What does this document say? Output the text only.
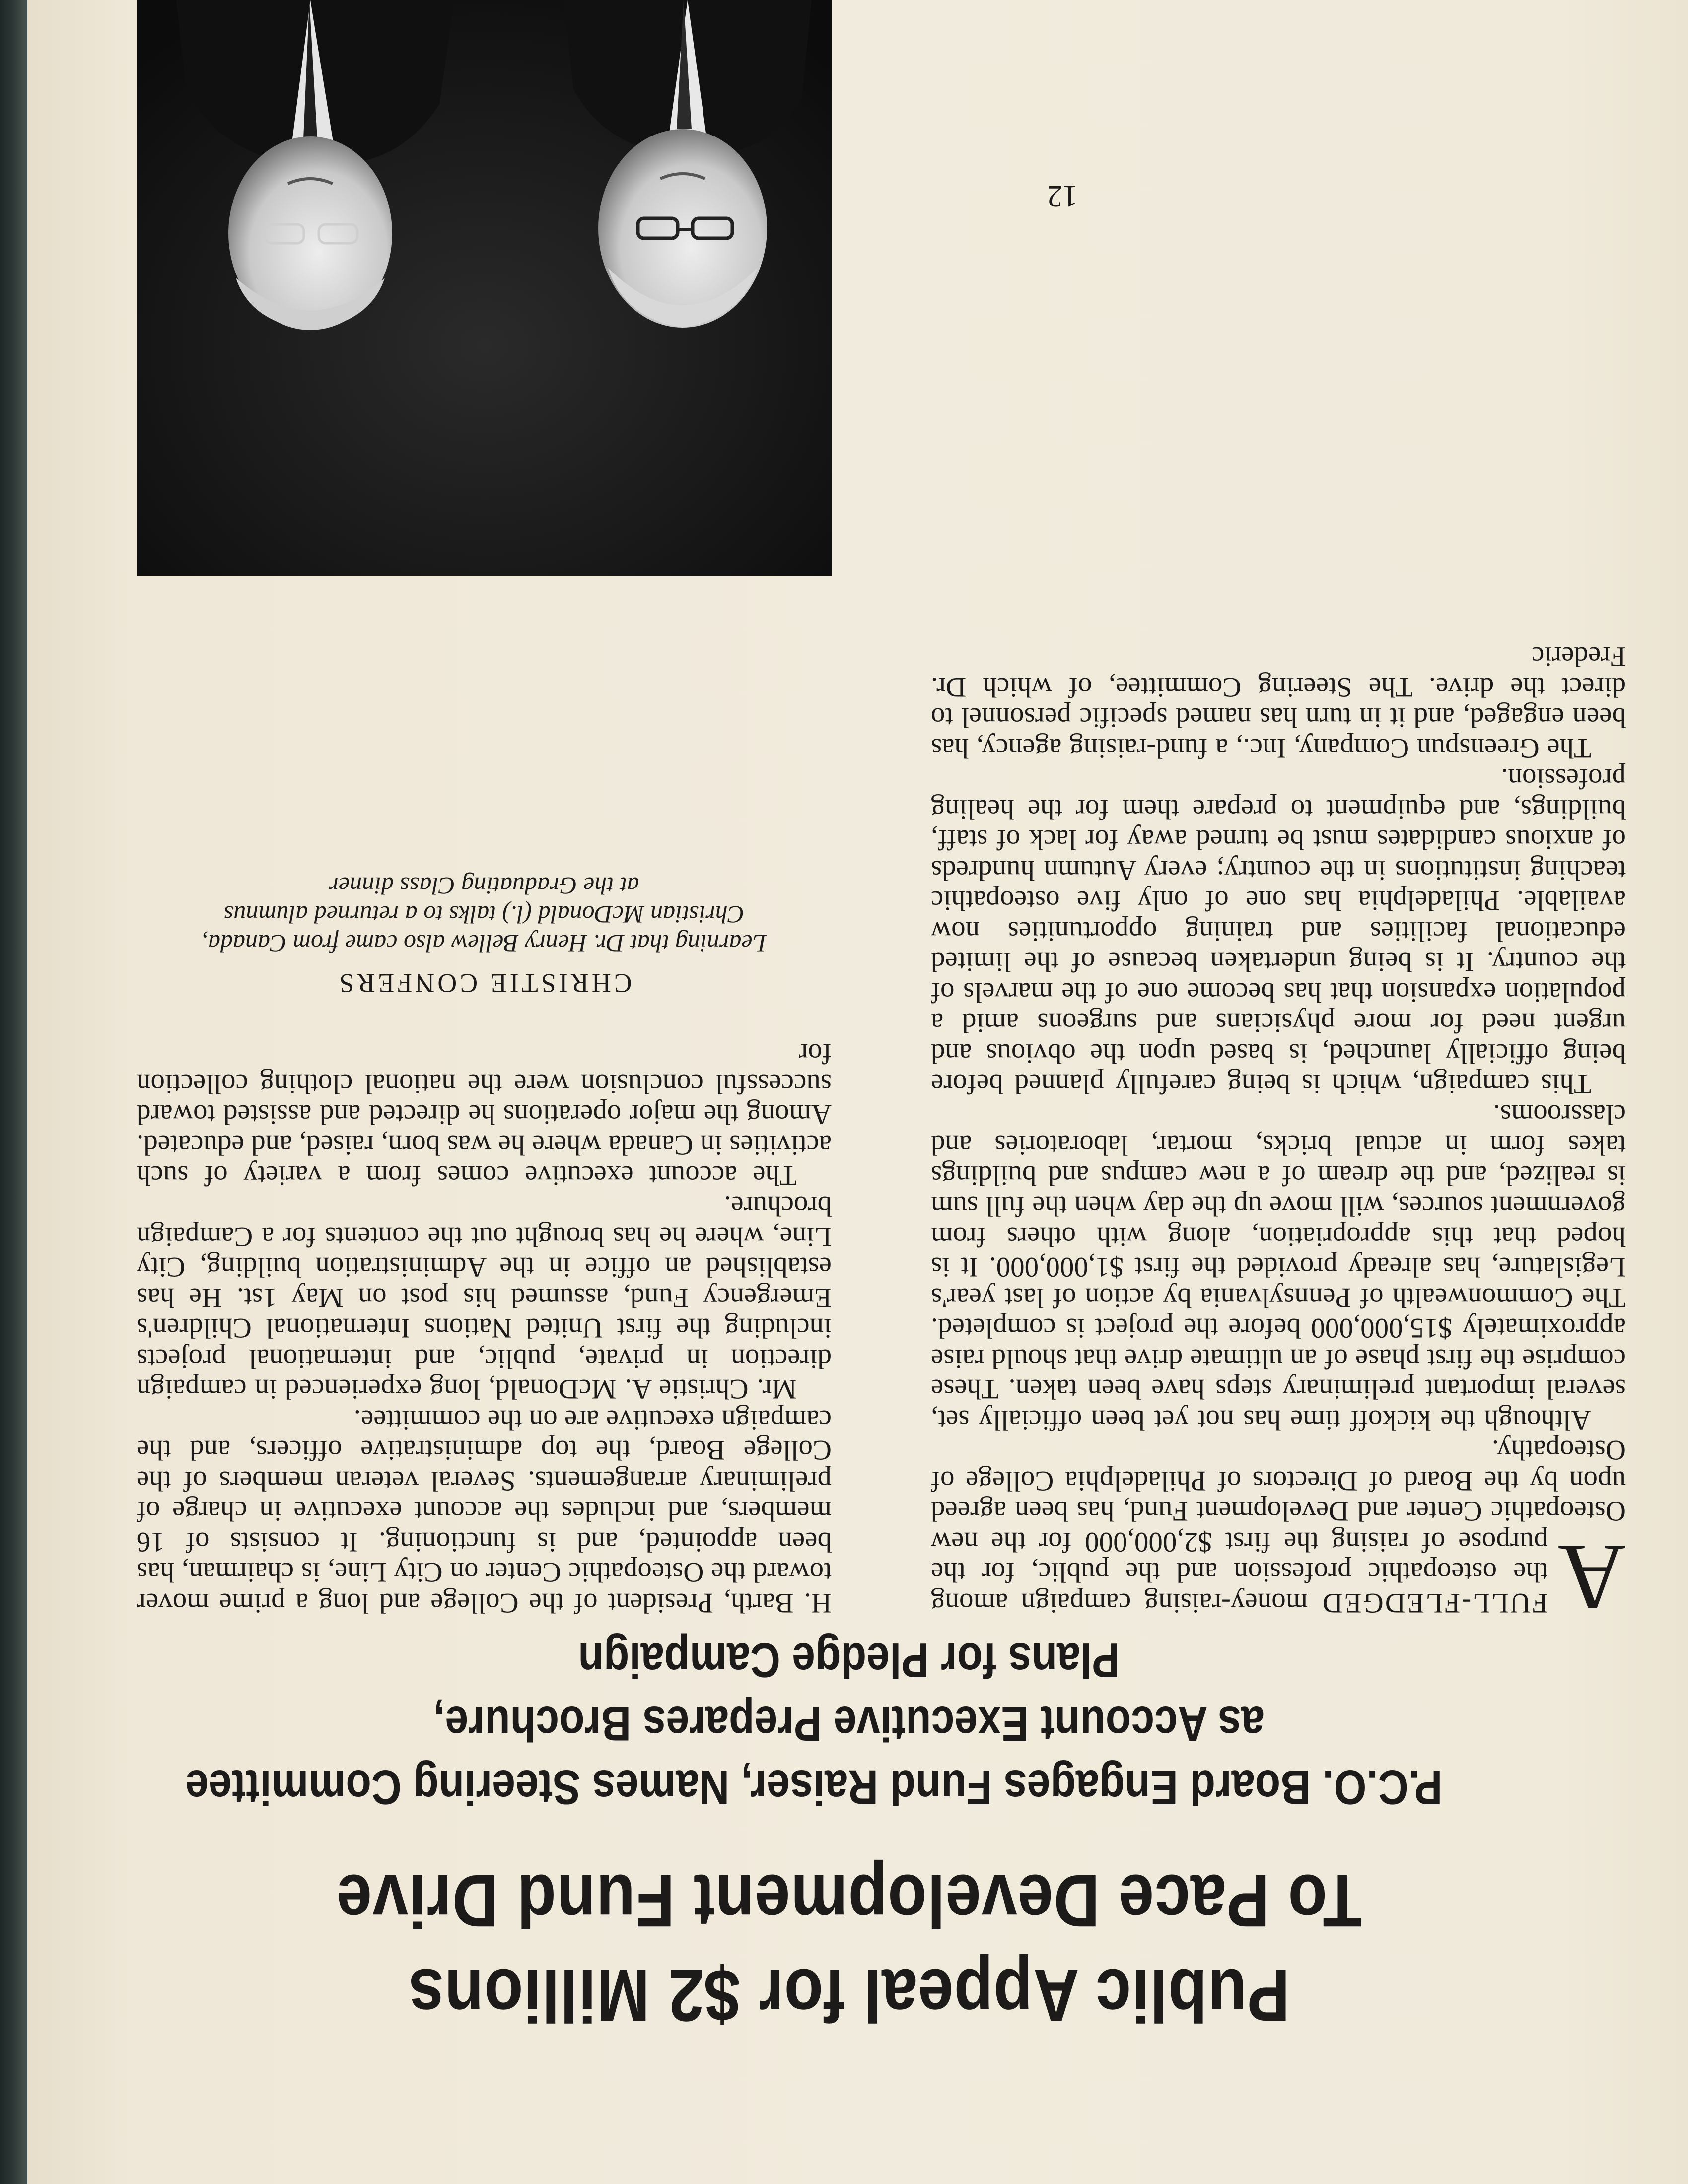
Public Appeal for $2 Millions
To Pace Development Fund Drive
P.C.O. Board Engages Fund Raiser, Names Steering Committee
as Account Executive Prepares Brochure,
Plans for Pledge Campaign

A
FULL-FLEDGED money-raising campaign among the osteopathic profession and the public, for the purpose of raising the first $2,000,000 for the new Osteopathic Center and Development Fund, has been agreed upon by the Board of Directors of Philadelphia College of Osteopathy.

Although the kickoff time has not yet been officially set, several important preliminary steps have been taken. These comprise the first phase of an ultimate drive that should raise approximately $15,000,000 before the project is completed. The Commonwealth of Pennsylvania by action of last year's Legislature, has already provided the first $1,000,000. It is hoped that this appropriation, along with others from government sources, will move up the day when the full sum is realized, and the dream of a new campus and buildings takes form in actual bricks, mortar, laboratories and classrooms.

This campaign, which is being carefully planned before being officially launched, is based upon the obvious and urgent need for more physicians and surgeons amid a population expansion that has become one of the marvels of the country. It is being undertaken because of the limited educational facilities and training opportunities now available. Philadelphia has one of only five osteopathic teaching institutions in the country; every Autumn hundreds of anxious candidates must be turned away for lack of staff, buildings, and equipment to prepare them for the healing profession.

The Greenspun Company, Inc., a fund-raising agency, has been engaged, and it in turn has named specific personnel to direct the drive. The Steering Committee, of which Dr. Frederic

H. Barth, President of the College and long a prime mover toward the Osteopathic Center on City Line, is chairman, has been appointed, and is functioning. It consists of 16 members, and includes the account executive in charge of preliminary arrangements. Several veteran members of the College Board, the top administrative officers, and the campaign executive are on the committee.

Mr. Christie A. McDonald, long experienced in campaign direction in private, public, and international projects including the first United Nations International Children's Emergency Fund, assumed his post on May 1st. He has established an office in the Administration building, City Line, where he has brought out the contents for a Campaign brochure.

The account executive comes from a variety of such activities in Canada where he was born, raised, and educated. Among the major operations he directed and assisted toward successful conclusion were the national clothing collection for

CHRISTIE CONFERS
Learning that Dr. Henry Bellew also came from Canada,
Christian McDonald (l.) talks to a returned alumnus
at the Graduating Class dinner
12
